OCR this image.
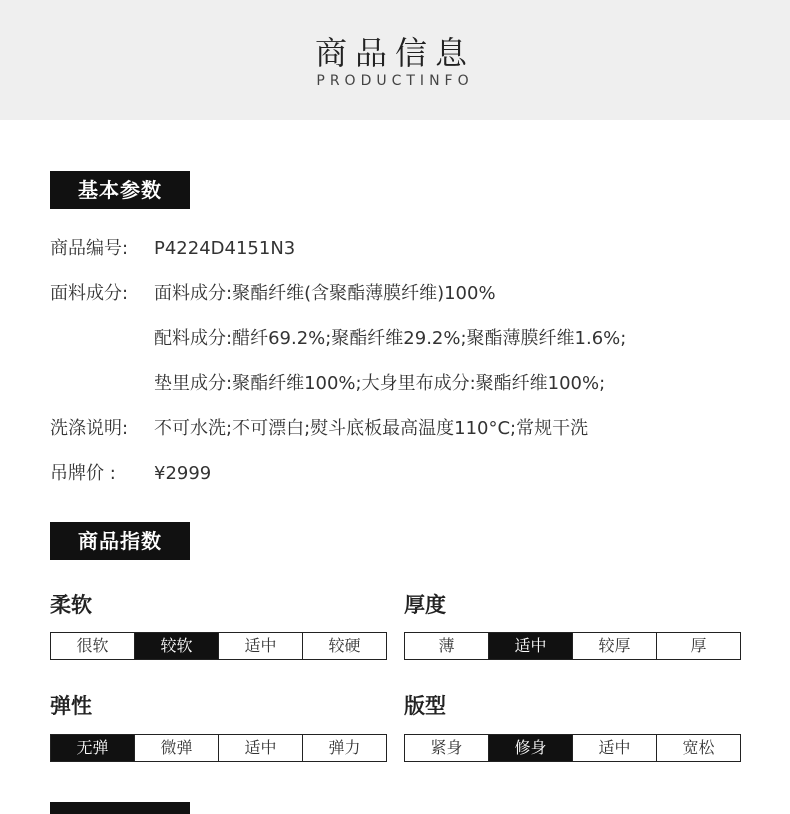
商品信息
PRODUCTINFO
基本参数
商品编号: P4224D4151N3
面料成分: 面料成分:聚酯纤维(含聚酯薄膜纤维)100%
配料成分:醋纤69.2%;聚酯纤维29.2%;聚酯薄膜纤维1.6%;
垫里成分:聚酯纤维100%;大身里布成分:聚酯纤维100%;
洗涤说明: 不可水洗;不可漂白;熨斗底板最高温度110°C;常规干洗
吊牌价 : ¥2999
商品指数
柔软
很软	较软	适中	较硬
厚度
薄	适中	较厚	厚
弹性
无弹	微弹	适中	弹力
版型
紧身	修身	适中	宽松
